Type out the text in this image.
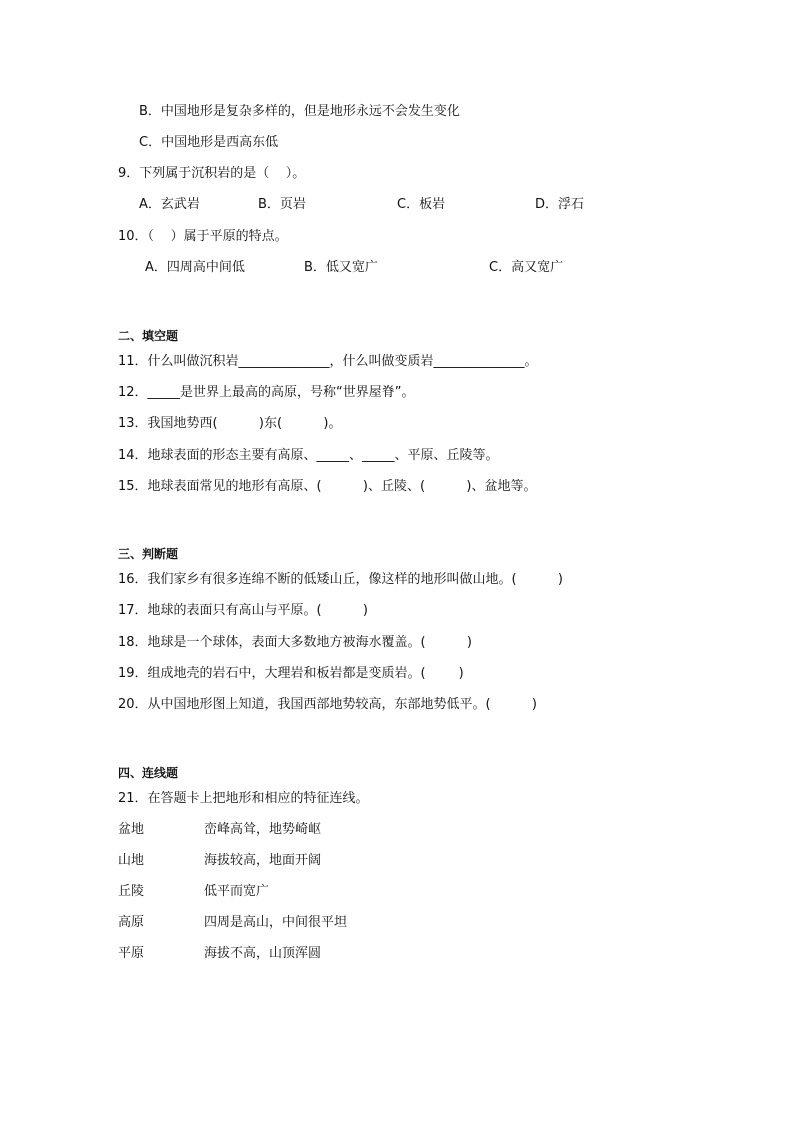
B．中国地形是复杂多样的，但是地形永远不会发生变化
C．中国地形是西高东低
9．下列属于沉积岩的是（    ）。
A．玄武岩	B．页岩	C．板岩	D．浮石
10．（    ）属于平原的特点。
A．四周高中间低	B．低又宽广	C．高又宽广
二、填空题
11．什么叫做沉积岩______________，什么叫做变质岩______________。
12．_____是世界上最高的高原，号称“世界屋脊”。
13．我国地势西(          )东(          )。
14．地球表面的形态主要有高原、_____、_____、平原、丘陵等。
15．地球表面常见的地形有高原、(          )、丘陵、(          )、盆地等。
三、判断题
16．我们家乡有很多连绵不断的低矮山丘，像这样的地形叫做山地。(          )
17．地球的表面只有高山与平原。(          )
18．地球是一个球体，表面大多数地方被海水覆盖。(          )
19．组成地壳的岩石中，大理岩和板岩都是变质岩。(        )
20．从中国地形图上知道，我国西部地势较高，东部地势低平。(          )
四、连线题
21．在答题卡上把地形和相应的特征连线。
盆地	峦峰高耸，地势崎岖
山地	海拔较高，地面开阔
丘陵	低平而宽广
高原	四周是高山，中间很平坦
平原	海拔不高，山顶浑圆
